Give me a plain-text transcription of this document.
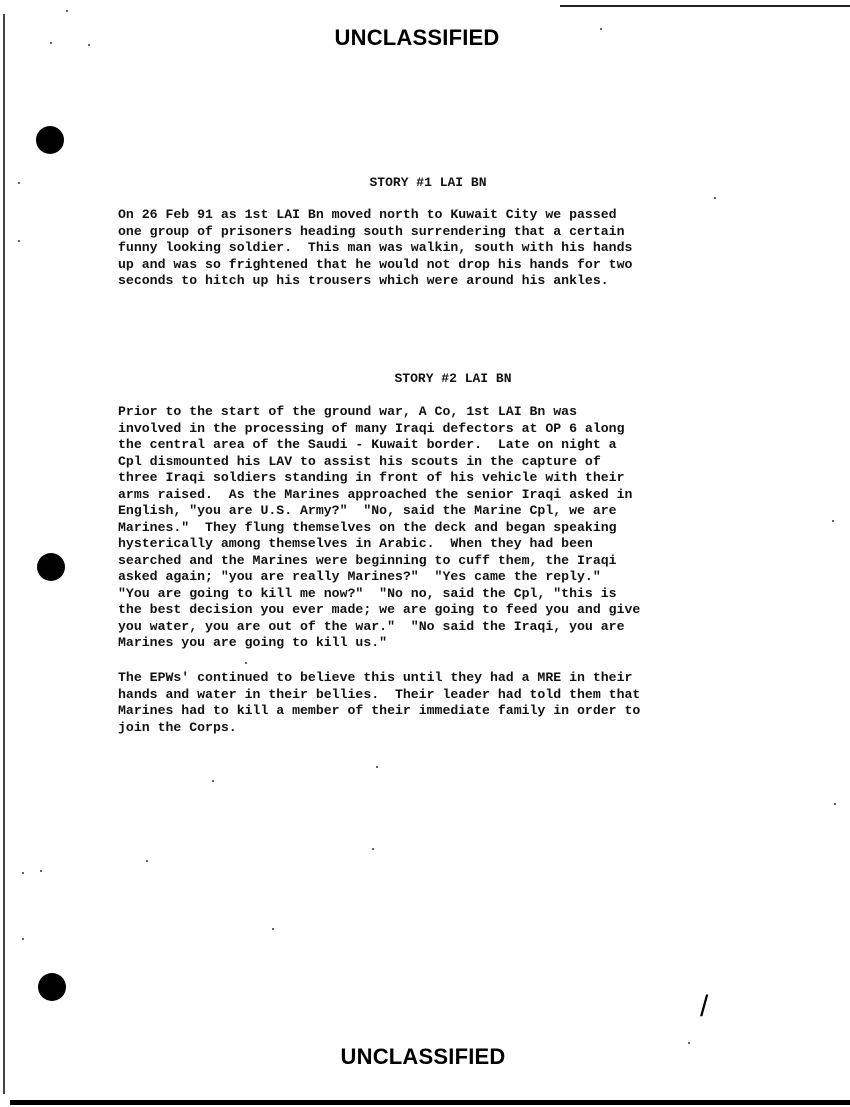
UNCLASSIFIED
STORY #1 LAI BN
On 26 Feb 91 as 1st LAI Bn moved north to Kuwait City we passed
one group of prisoners heading south surrendering that a certain
funny looking soldier.  This man was walkin, south with his hands
up and was so frightened that he would not drop his hands for two
seconds to hitch up his trousers which were around his ankles.
STORY #2 LAI BN
Prior to the start of the ground war, A Co, 1st LAI Bn was
involved in the processing of many Iraqi defectors at OP 6 along
the central area of the Saudi - Kuwait border.  Late on night a
Cpl dismounted his LAV to assist his scouts in the capture of
three Iraqi soldiers standing in front of his vehicle with their
arms raised.  As the Marines approached the senior Iraqi asked in
English, "you are U.S. Army?"  "No, said the Marine Cpl, we are
Marines."  They flung themselves on the deck and began speaking
hysterically among themselves in Arabic.  When they had been
searched and the Marines were beginning to cuff them, the Iraqi
asked again; "you are really Marines?"  "Yes came the reply."
"You are going to kill me now?"  "No no, said the Cpl, "this is
the best decision you ever made; we are going to feed you and give
you water, you are out of the war."  "No said the Iraqi, you are
Marines you are going to kill us."
The EPWs' continued to believe this until they had a MRE in their
hands and water in their bellies.  Their leader had told them that
Marines had to kill a member of their immediate family in order to
join the Corps.
/
UNCLASSIFIED
